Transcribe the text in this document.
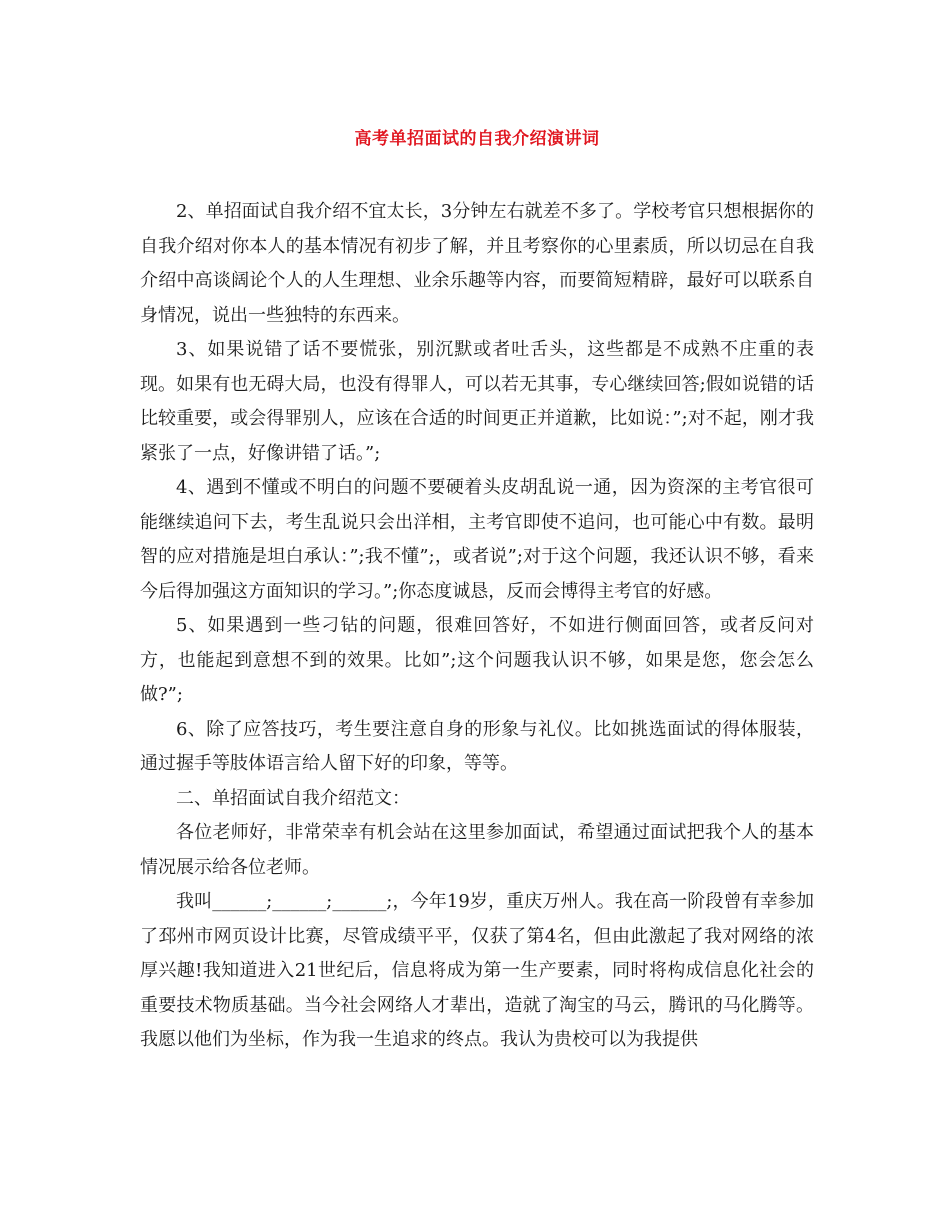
高考单招面试的自我介绍演讲词

2、单招面试自我介绍不宜太长，3分钟左右就差不多了。学校考官只想根据你的自我介绍对你本人的基本情况有初步了解，并且考察你的心里素质，所以切忌在自我介绍中高谈阔论个人的人生理想、业余乐趣等内容，而要简短精辟，最好可以联系自身情况，说出一些独特的东西来。

3、如果说错了话不要慌张，别沉默或者吐舌头，这些都是不成熟不庄重的表现。如果有也无碍大局，也没有得罪人，可以若无其事，专心继续回答;假如说错的话比较重要，或会得罪别人，应该在合适的时间更正并道歉，比如说：”;对不起，刚才我紧张了一点，好像讲错了话。”;

4、遇到不懂或不明白的问题不要硬着头皮胡乱说一通，因为资深的主考官很可能继续追问下去，考生乱说只会出洋相，主考官即使不追问，也可能心中有数。最明智的应对措施是坦白承认：”;我不懂”;，或者说”;对于这个问题，我还认识不够，看来今后得加强这方面知识的学习。”;你态度诚恳，反而会博得主考官的好感。

5、如果遇到一些刁钻的问题，很难回答好，不如进行侧面回答，或者反问对方，也能起到意想不到的效果。比如”;这个问题我认识不够，如果是您，您会怎么做?”;

6、除了应答技巧，考生要注意自身的形象与礼仪。比如挑选面试的得体服装，通过握手等肢体语言给人留下好的印象，等等。

二、单招面试自我介绍范文：

各位老师好，非常荣幸有机会站在这里参加面试，希望通过面试把我个人的基本情况展示给各位老师。

我叫______;______;______;，今年19岁，重庆万州人。我在高一阶段曾有幸参加了邳州市网页设计比赛，尽管成绩平平，仅获了第4名，但由此激起了我对网络的浓厚兴趣!我知道进入21世纪后，信息将成为第一生产要素，同时将构成信息化社会的重要技术物质基础。当今社会网络人才辈出，造就了淘宝的马云，腾讯的马化腾等。我愿以他们为坐标，作为我一生追求的终点。我认为贵校可以为我提供
